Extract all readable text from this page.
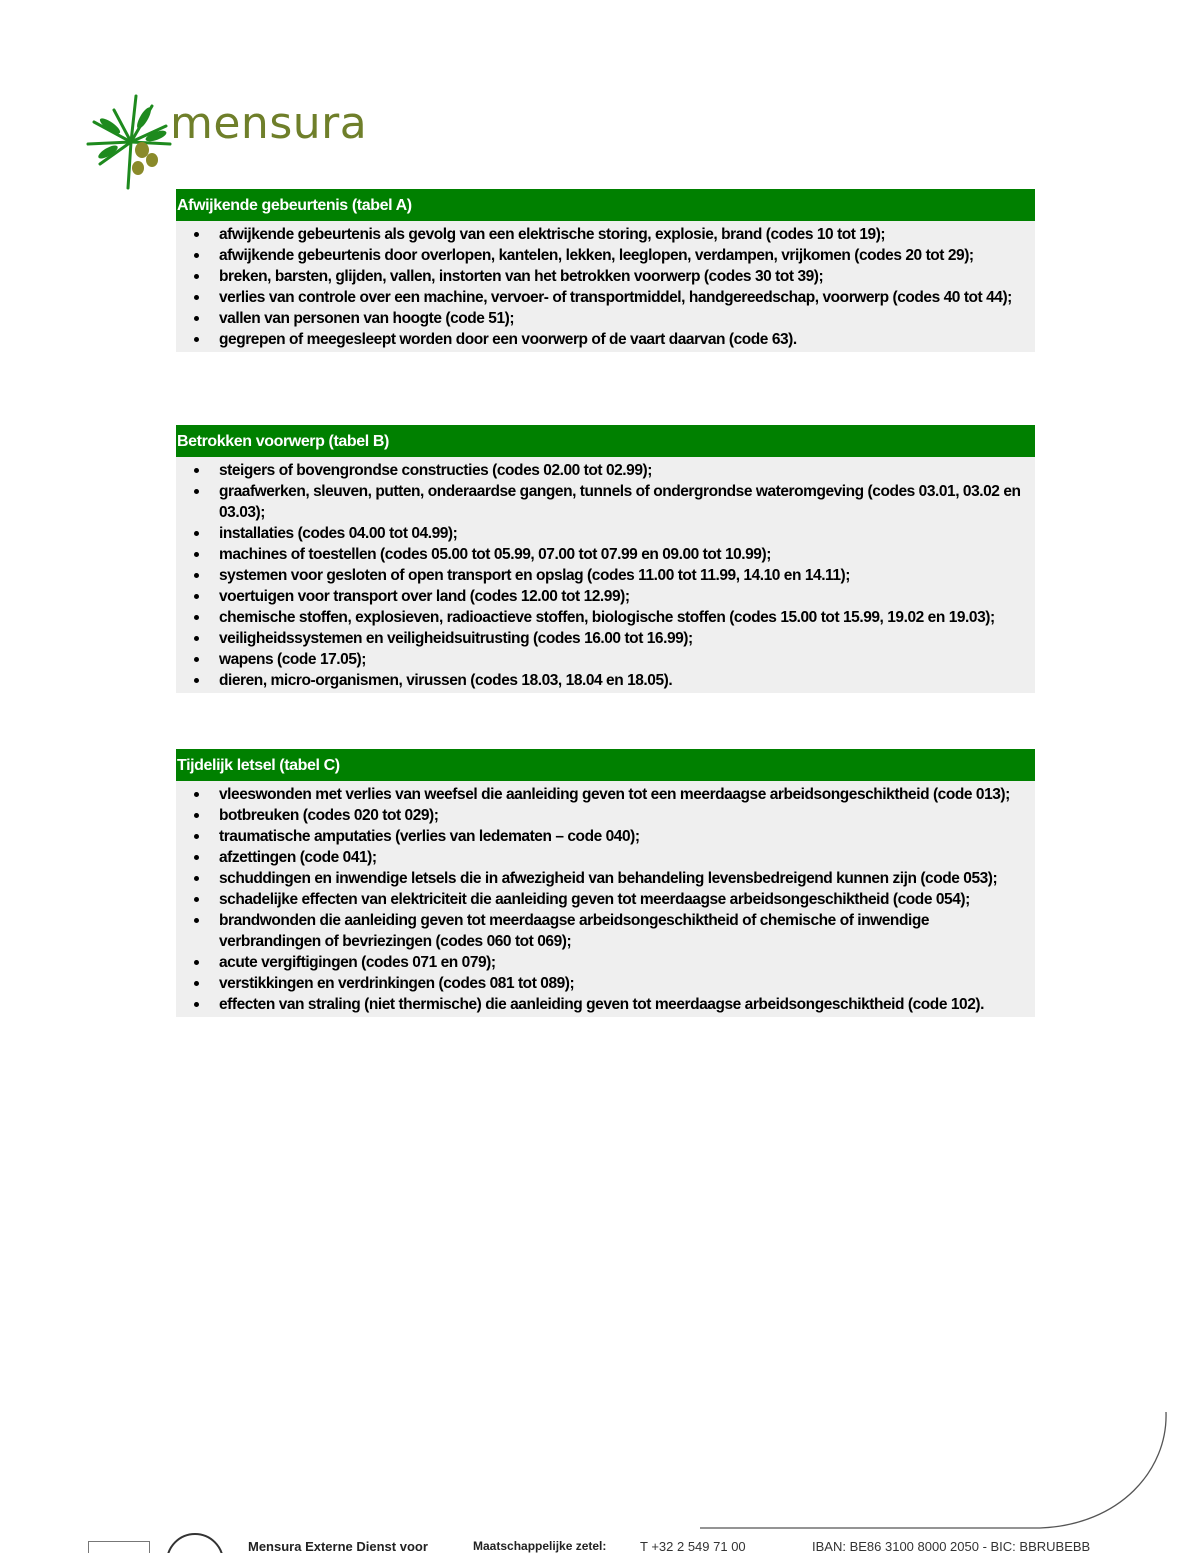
mensura
Afwijkende gebeurtenis (tabel A)
afwijkende gebeurtenis als gevolg van een elektrische storing, explosie, brand (codes 10 tot 19);
afwijkende gebeurtenis door overlopen, kantelen, lekken, leeglopen, verdampen, vrijkomen (codes 20 tot 29);
breken, barsten, glijden, vallen, instorten van het betrokken voorwerp (codes 30 tot 39);
verlies van controle over een machine, vervoer- of transportmiddel, handgereedschap, voorwerp (codes 40 tot 44);
vallen van personen van hoogte (code 51);
gegrepen of meegesleept worden door een voorwerp of de vaart daarvan (code 63).
Betrokken voorwerp (tabel B)
steigers of bovengrondse constructies (codes 02.00 tot 02.99);
graafwerken, sleuven, putten, onderaardse gangen, tunnels of ondergrondse wateromgeving (codes 03.01, 03.02 en 03.03);
installaties (codes 04.00 tot 04.99);
machines of toestellen (codes 05.00 tot 05.99, 07.00 tot 07.99 en 09.00 tot 10.99);
systemen voor gesloten of open transport en opslag (codes 11.00 tot 11.99, 14.10 en 14.11);
voertuigen voor transport over land (codes 12.00 tot 12.99);
chemische stoffen, explosieven, radioactieve stoffen, biologische stoffen (codes 15.00 tot 15.99, 19.02 en 19.03);
veiligheidssystemen en veiligheidsuitrusting (codes 16.00 tot 16.99);
wapens (code 17.05);
dieren, micro-organismen, virussen (codes 18.03, 18.04 en 18.05).
Tijdelijk letsel (tabel C)
vleeswonden met verlies van weefsel die aanleiding geven tot een meerdaagse arbeidsongeschiktheid (code 013);
botbreuken (codes 020 tot 029);
traumatische amputaties (verlies van ledematen – code 040);
afzettingen (code 041);
schuddingen en inwendige letsels die in afwezigheid van behandeling levensbedreigend kunnen zijn (code 053);
schadelijke effecten van elektriciteit die aanleiding geven tot meerdaagse arbeidsongeschiktheid (code 054);
brandwonden die aanleiding geven tot meerdaagse arbeidsongeschiktheid of chemische of inwendige verbrandingen of bevriezingen (codes 060 tot 069);
acute vergiftigingen (codes 071 en 079);
verstikkingen en verdrinkingen (codes 081 tot 089);
effecten van straling (niet thermische) die aanleiding geven tot meerdaagse arbeidsongeschiktheid (code 102).
Mensura Externe Dienst voor	Maatschappelijke zetel:	T +32 2 549 71 00	IBAN: BE86 3100 8000 2050 - BIC: BBRUBEBB
